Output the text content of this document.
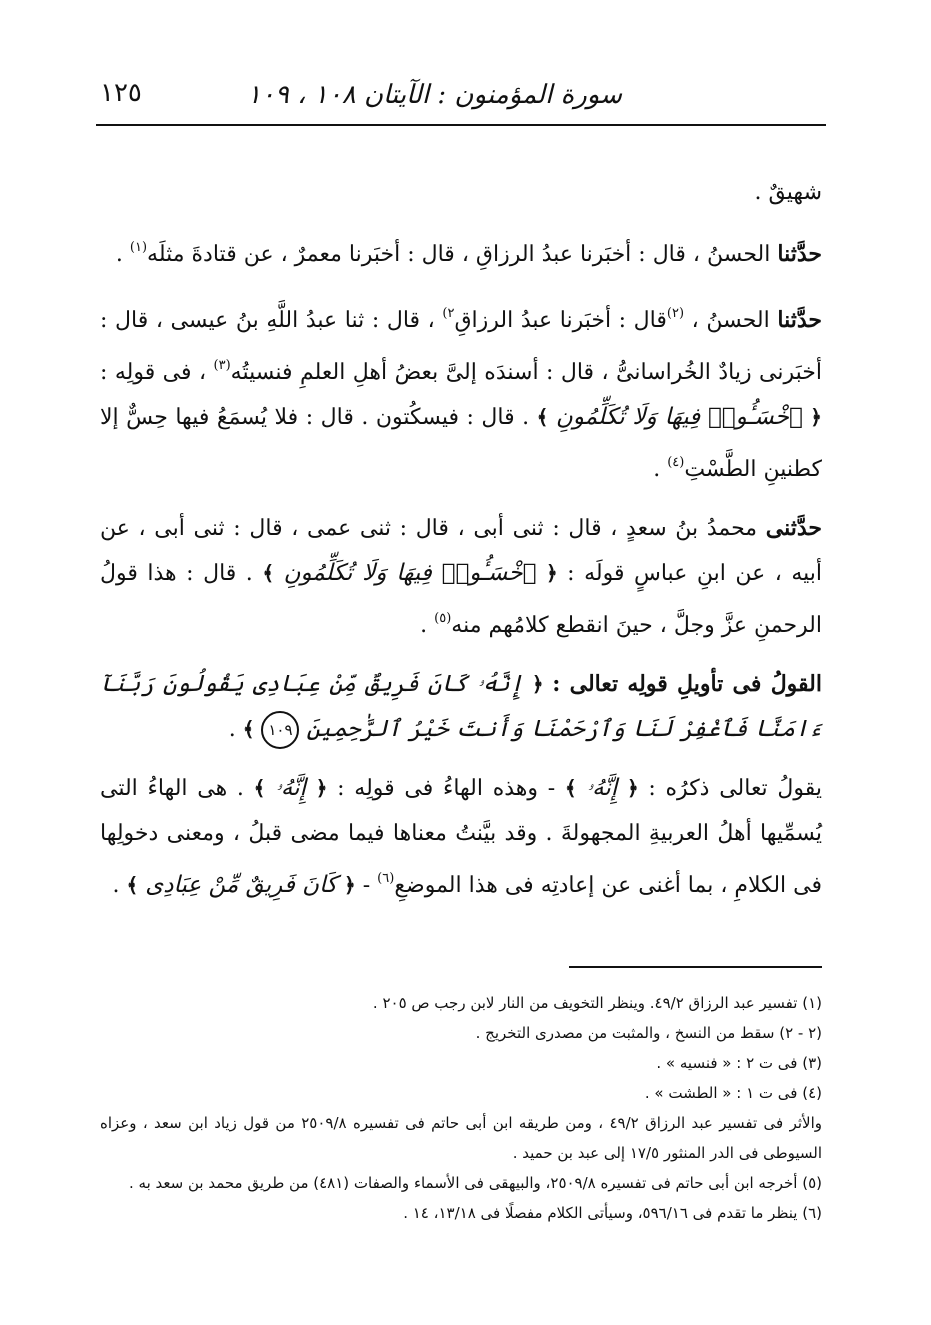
سورة المؤمنون : الآيتان ١٠٨ ، ١٠٩
١٢٥

شهيقٌ .

حدَّثنا الحسنُ ، قال : أخبَرنا عبدُ الرزاقِ ، قال : أخبَرنا معمرٌ ، عن قتادةَ مثلَه$^{(١)}$ .

حدَّثنا الحسنُ ، $^{(٢)}$قال : أخبَرنا عبدُ الرزاقِ$^{٢)}$ ، قال : ثنا عبدُ اللَّهِ بنُ عيسى ، قال : أخبَرنى زيادٌ الخُراسانىُّ ، قال : أسندَه إلىَّ بعضُ أهلِ العلمِ فنسيتُه$^{(٣)}$ ، فى قولِه : ﴿ ٱخْسَـُٔوا۟ فِيهَا وَلَا تُكَلِّمُونِ ﴾ . قال : فيسكُتون . قال : فلا يُسمَعُ فيها حِسٌّ إلا كطنينِ الطَّسْتِ$^{(٤)}$ .

حدَّثنى محمدُ بنُ سعدٍ ، قال : ثنى أبى ، قال : ثنى عمى ، قال : ثنى أبى ، عن أبيه ، عن ابنِ عباسٍ قولَه : ﴿ ٱخْسَـُٔوا۟ فِيهَا وَلَا تُكَلِّمُونِ ﴾ . قال : هذا قولُ الرحمنِ عزَّ وجلَّ ، حينَ انقطع كلامُهم منه$^{(٥)}$ .

القولُ فى تأويلِ قولِه تعالى : ﴿ إِنَّهُۥ كَانَ فَرِيقٌ مِّنْ عِبَادِى يَقُولُونَ رَبَّنَآ ءَامَنَّا فَٱغْفِرْ لَنَا وَٱرْحَمْنَا وَأَنتَ خَيْرُ ٱلرَّٰحِمِينَ ١٠٩ ﴾ .

يقولُ تعالى ذكرُه : ﴿ إِنَّهُۥ ﴾ - وهذه الهاءُ فى قولِه : ﴿ إِنَّهُۥ ﴾ . هى الهاءُ التى يُسمِّيها أهلُ العربيةِ المجهولةَ . وقد بيَّنتُ معناها فيما مضى قبلُ ، ومعنى دخولِها فى الكلامِ ، بما أغنى عن إعادتِه فى هذا الموضعِ$^{(٦)}$ - ﴿ كَانَ فَرِيقٌ مِّنْ عِبَادِى ﴾ .

(١) تفسير عبد الرزاق ٤٩/٢. وينظر التخويف من النار لابن رجب ص ٢٠٥ .

(٢ - ٢) سقط من النسخ ، والمثبت من مصدرى التخريج .

(٣) فى ت ٢ : « فنسيه » .

(٤) فى ت ١ : « الطشت » .

والأثر فى تفسير عبد الرزاق ٤٩/٢ ، ومن طريقه ابن أبى حاتم فى تفسيره ٢٥٠٩/٨ من قول زياد ابن سعد ، وعزاه السيوطى فى الدر المنثور ١٧/٥ إلى عبد بن حميد .

(٥) أخرجه ابن أبى حاتم فى تفسيره ٢٥٠٩/٨، والبيهقى فى الأسماء والصفات (٤٨١) من طريق محمد بن سعد به .

(٦) ينظر ما تقدم فى ٥٩٦/١٦، وسيأتى الكلام مفصلًا فى ١٣/١٨، ١٤ .
